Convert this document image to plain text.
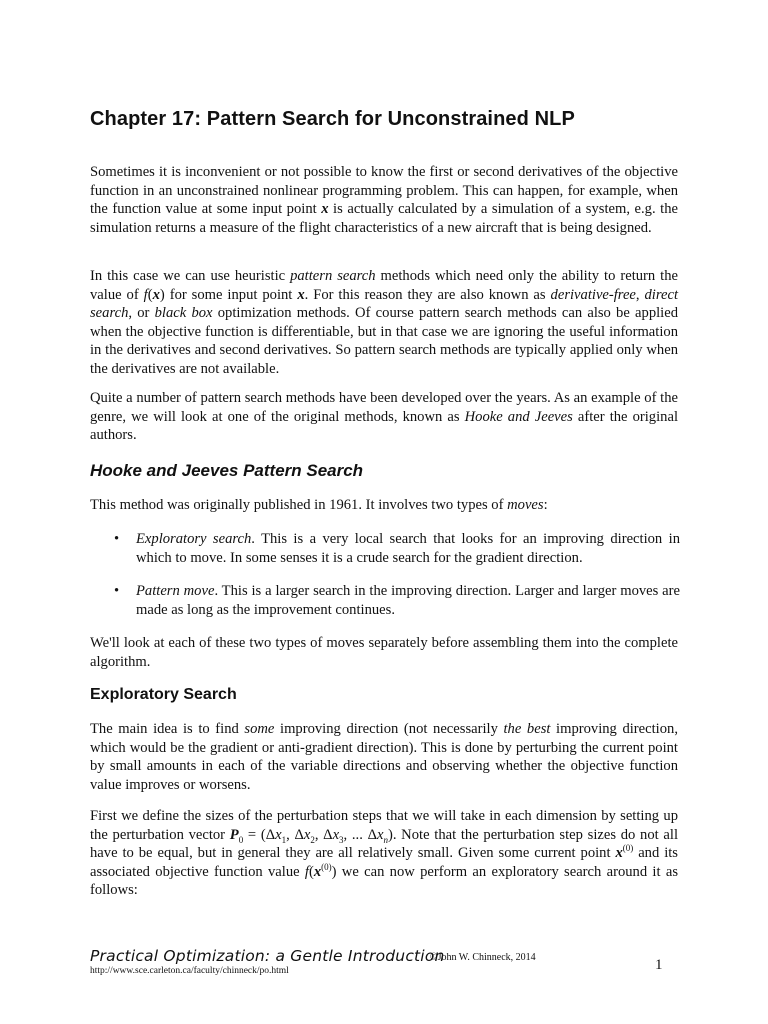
Chapter 17: Pattern Search for Unconstrained NLP

Sometimes it is inconvenient or not possible to know the first or second derivatives of the objective function in an unconstrained nonlinear programming problem. This can happen, for example, when the function value at some input point x is actually calculated by a simulation of a system, e.g. the simulation returns a measure of the flight characteristics of a new aircraft that is being designed.

In this case we can use heuristic pattern search methods which need only the ability to return the value of f(x) for some input point x. For this reason they are also known as derivative-free, direct search, or black box optimization methods. Of course pattern search methods can also be applied when the objective function is differentiable, but in that case we are ignoring the useful information in the derivatives and second derivatives. So pattern search methods are typically applied only when the derivatives are not available.

Quite a number of pattern search methods have been developed over the years. As an example of the genre, we will look at one of the original methods, known as Hooke and Jeeves after the original authors.

Hooke and Jeeves Pattern Search

This method was originally published in 1961. It involves two types of moves:

• Exploratory search. This is a very local search that looks for an improving direction in which to move. In some senses it is a crude search for the gradient direction.

• Pattern move. This is a larger search in the improving direction. Larger and larger moves are made as long as the improvement continues.

We'll look at each of these two types of moves separately before assembling them into the complete algorithm.

Exploratory Search

The main idea is to find some improving direction (not necessarily the best improving direction, which would be the gradient or anti-gradient direction). This is done by perturbing the current point by small amounts in each of the variable directions and observing whether the objective function value improves or worsens.

First we define the sizes of the perturbation steps that we will take in each dimension by setting up the perturbation vector $P_0 = (\Delta x_1$, $\Delta x_2$, $\Delta x_3$, ... $\Delta x_n$). Note that the perturbation step sizes do not all have to be equal, but in general they are all relatively small. Given some current point $x^{(0)}$ and its associated objective function value $f(x^{(0)})$ we can now perform an exploratory search around it as follows:

Practical Optimization: a Gentle Introduction
©John W. Chinneck, 2014
http://www.sce.carleton.ca/faculty/chinneck/po.html	1
